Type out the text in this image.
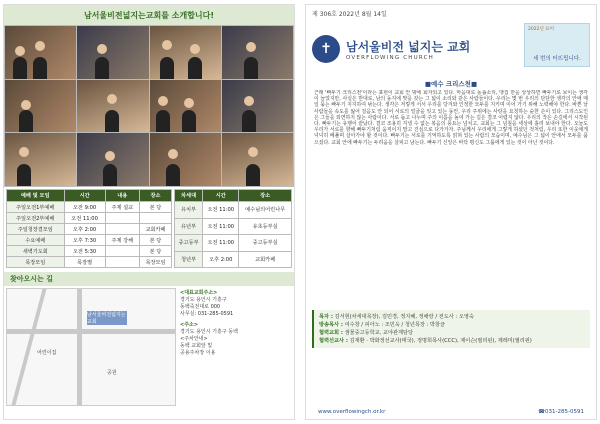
남서울비전넓지는교회를 소개합니다!
예배 및 모임	시간	내용	장소
주일오전1부예배	오전 9:00	주제 설교	본 당
주일오전2부예배	오전 11:00		
주일청장결모임	오후 2:00		교회카페
수요예배	오후 7:30	주제 강해	본 당
새벽기도회	오전 5:30		본 당
목장모임	목장별		목장모임
차세대	시간	장소
유치부	오전 11:00	예수님의어린나무
유년부	오전 11:00	유초등부실
중고등부	오전 11:00	중고등부실
청년부	오후 2:00	교회카페
찾아오시는 길
남서울비전넓지는교회
어린이집
공원
<대표교회주소>
경기도 용인시 기흥구
동백죽전대로 000
사무실: 031-285-0591
<주소>
경기도 용인시 기흥구 동백
<주차안내>
동백 교회앞 및
공용주차장 이용
제 306호 2022년 8월 14일
✝	남서울비전 넓지는 교회
OVERFLOWING CHURCH
2022년 표어
세 번의 터뜨립니다.
■예수 크리스천■
근래 '빠두기 크리스천'이라는 표현이 교회 안 밖에 회자되고 있다. 마음대로 돌숍소리, 맹집 만을 상상하면 빠두기로 보이는 생각이 늘었지만, 사실은 반대로, 남의 동지에 맞을 갖는 그 넓이 소리와 같은 사람들이다. 우리는 몇 번 우리의 단단한 생각의 안에 매일 묶는 빠두기 지지하여 낚는다. 생각은 저렇게 서서 우리를 당겨와 인정한 모두를 지키며 이어 가기 위해 노력해야 한다. 바쁜 날 사람들을 속도를 잃어 걸음도 안 되어 서로의 얼굴을 잊고 있는 동안, 우리 주위에는 사랑을 요청하는 숱한 손이 있다. 그리스도인은 그들을 외면하지 않는 사람이다. 서로 돕고 나누며 주의 이름을 높여 가는 길은 결코 어렵지 않다. 우리의 작은 손길에서 시작된다. 빠두기는 유행이 끝났다. 결코 조용히 지낼 수 없는 복음의 풍요는 넘치고, 교회는 그 넘침을 세상에 흘려 보내야 한다. 오늘도 우리가 서로를 향해 빠두기처럼 움직이지 말고 진심으로 다가가자. 주님께서 우리에게 그렇게 하셨던 것처럼, 우리 또한 이웃에게 넉넉히 베풀며 살아가야 할 것이다. 빠두기는 서로를 기억하도록 얽혀 있는 사람의 모습이며, 예수님은 그 넓이 안에서 모두를 품으셨다. 교회 안에 빠두기는 두려움을 살피고 남는다. 빠두기 신앙은 바닥 평신도 그룹에게 있는 것이 아닌 것이다.
목자 : 김서현(차세대목장), 김민경, 정지혜, 정해랑 / 전도사 : 오영숙
방송목사 : 여수창 / 피아노 : 조민욱 / 청년목장 : 박창균
협력교회 : 샘물중고등학교, 교야관계담당
협력선교사 : 김재환 · 박화정선교사(태국), 정명희목사(CCC), 제이슨(필리핀), 제레미(필리핀)
www.overflowingch.or.kr	☎031-285-0591
